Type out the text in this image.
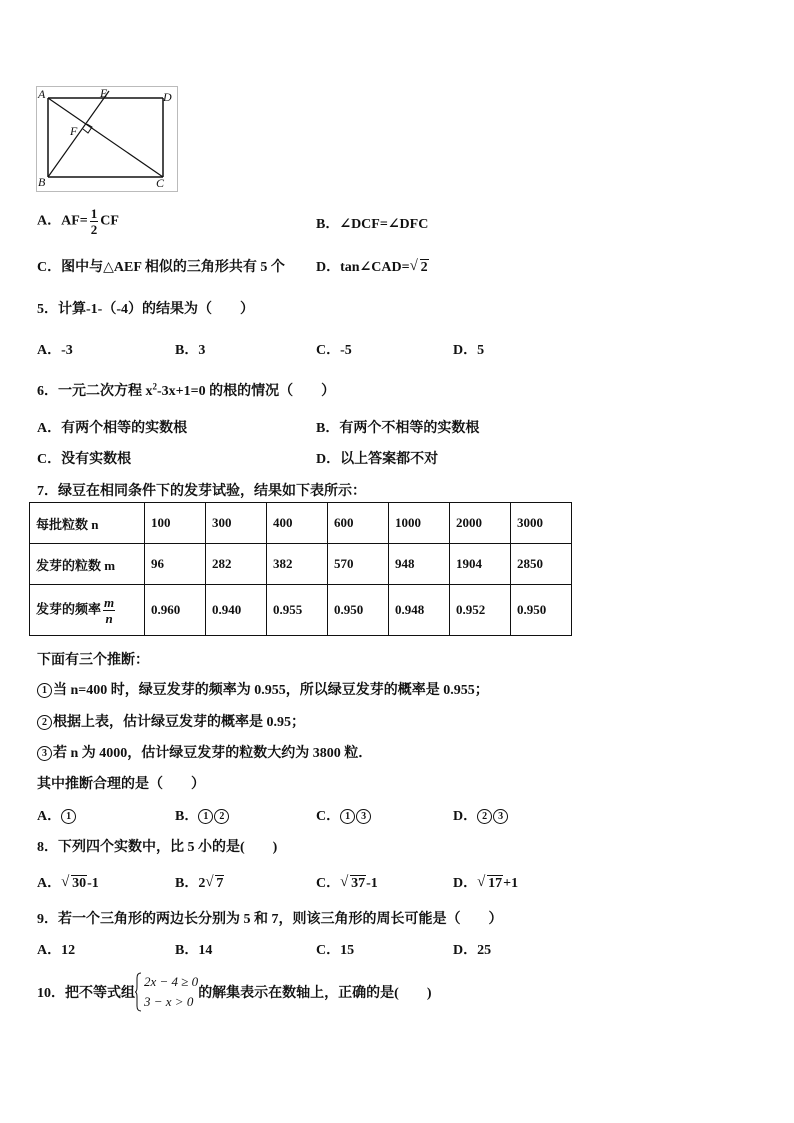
A	E	D
F
B	C
A．$AF= \frac{1}{2}$ CF	B．∠DCF=∠DFC
C．图中与△AEF 相似的三角形共有 5 个 D．tan∠CAD= √ 2
5．计算-1-（-4）的结果为（　　）
A．-3	B．3	C．-5	D．5
6．一元二次方程 $x^2-3x+1=0$ 的根的情况（　　）
A．有两个相等的实数根	B．有两个不相等的实数根
C．没有实数根	D．以上答案都不对
7．绿豆在相同条件下的发芽试验，结果如下表所示：
每批粒数 n	100	300	400	600	1000	2000	3000
发芽的粒数 m	96	282	382	570	948	1904	2850
发芽的频率 $\frac{m}{n}$	0.960	0.940	0.955	0.950	0.948	0.952	0.950
下面有三个推断：
1 当 n=400 时，绿豆发芽的频率为 0.955，所以绿豆发芽的概率是 0.955；
2 根据上表，估计绿豆发芽的概率是 0.95；
3 若 n 为 4000，估计绿豆发芽的粒数大约为 3800 粒．
其中推断合理的是（　　）
A． 1	B． 1 2	C． 1 3	D． 2 3
8．下列四个实数中，比 5 小的是(　　)
A． √ 30-1	B．2 √ 7	C． √ 37-1	D． √ 17+1
9．若一个三角形的两边长分别为 5 和 7，则该三角形的周长可能是（　　）
A．12	B．14	C．15	D．25
10．把不等式组
2x − 4 ≥ 0
3 − x > 0
的解集表示在数轴上，正确的是(　　)
